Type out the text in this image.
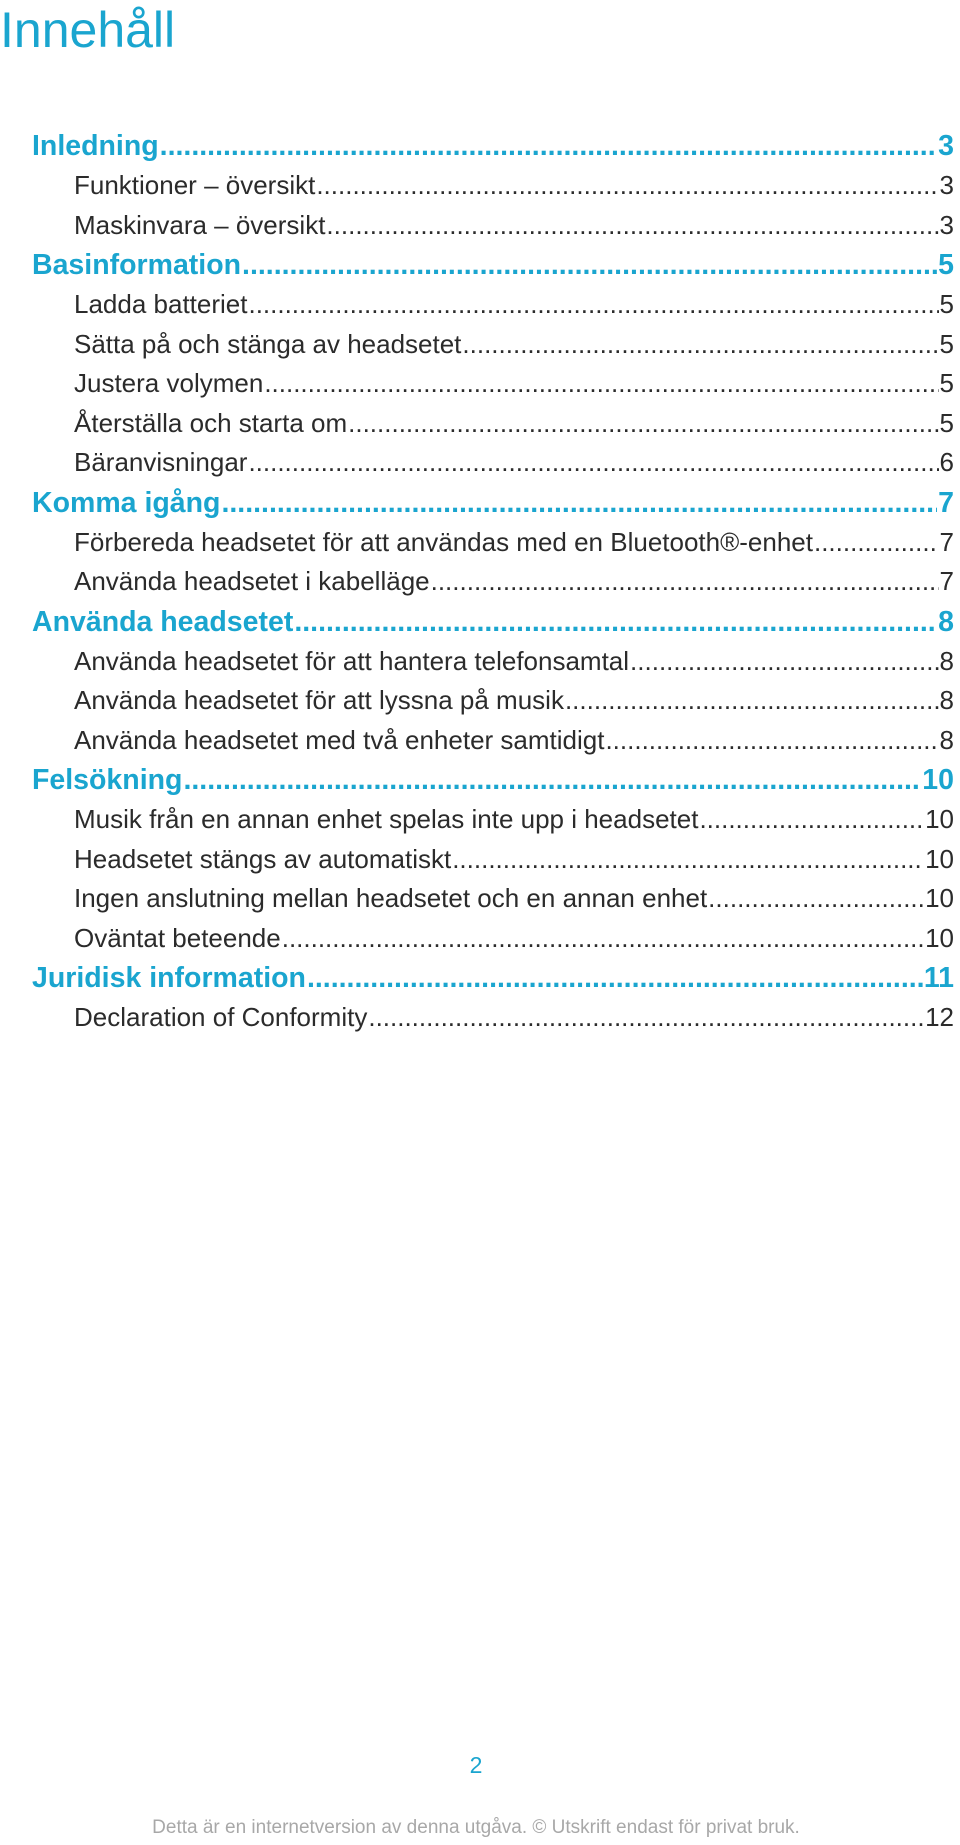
Innehåll
Inledning .....	3
Funktioner – översikt .....	3
Maskinvara – översikt .....	3
Basinformation .....	5
Ladda batteriet .....	5
Sätta på och stänga av headsetet .....	5
Justera volymen .....	5
Återställa och starta om .....	5
Bäranvisningar .....	6
Komma igång .....	7
Förbereda headsetet för att användas med en Bluetooth®-enhet .....	7
Använda headsetet i kabelläge .....	7
Använda headsetet .....	8
Använda headsetet för att hantera telefonsamtal .....	8
Använda headsetet för att lyssna på musik .....	8
Använda headsetet med två enheter samtidigt .....	8
Felsökning .....	10
Musik från en annan enhet spelas inte upp i headsetet .....	10
Headsetet stängs av automatiskt .....	10
Ingen anslutning mellan headsetet och en annan enhet .....	10
Oväntat beteende .....	10
Juridisk information .....	11
Declaration of Conformity .....	12
2
Detta är en internetversion av denna utgåva. © Utskrift endast för privat bruk.
